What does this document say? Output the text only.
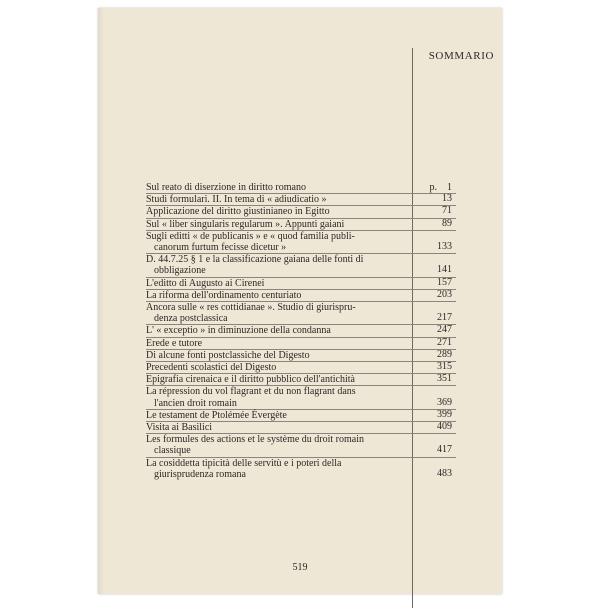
SOMMARIO
Sul reato di diserzione in diritto romano	p.    1
Studi formulari. II. In tema di « adiudicatio »	13
Applicazione del diritto giustinianeo in Egitto	71
Sul « liber singularis regularum ». Appunti gaiani	89
Sugli editti « de publicanis » e « quod familia publi-
canorum furtum fecisse dicetur »	133
D. 44.7.25 § 1 e la classificazione gaiana delle fonti di
obbligazione	141
L'editto di Augusto ai Cirenei	157
La riforma dell'ordinamento centuriato	203
Ancora sulle « res cottidianae ». Studio di giurispru-
denza postclassica	217
L' « exceptio » in diminuzione della condanna	247
Erede e tutore	271
Di alcune fonti postclassiche del Digesto	289
Precedenti scolastici del Digesto	315
Epigrafia cirenaica e il diritto pubblico dell'antichità	351
La répression du vol flagrant et du non flagrant dans
l'ancien droit romain	369
Le testament de Ptolémée Évergète	399
Visita ai Basilici	409
Les formules des actions et le système du droit romain
classique	417
La cosiddetta tipicità delle servitù e i poteri della
giurisprudenza romana	483
519
